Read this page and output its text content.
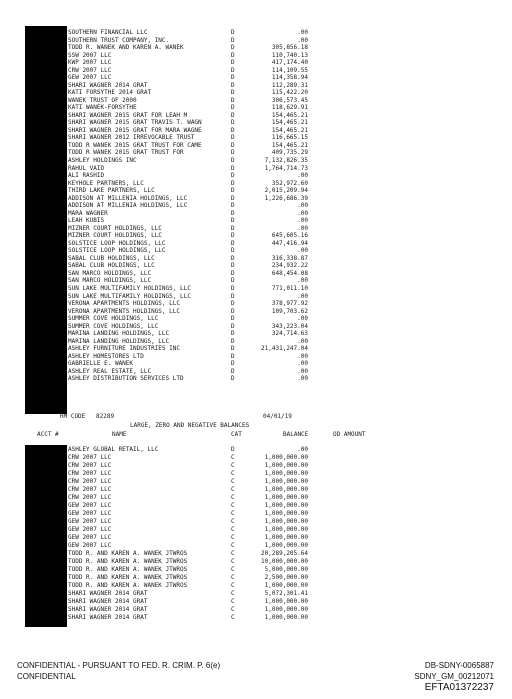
SOUTHERN FINANCIAL LLC	D	.00
SOUTHERN TRUST COMPANY, INC.	D	.00
TODD R. WANEK AND KAREN A. WANEK	D	305,856.18
SSW 2007 LLC	D	110,740.13
KWP 2007 LLC	D	417,174.40
CRW 2007 LLC	D	114,109.55
GEW 2007 LLC	D	114,358.94
SHARI WAGNER 2014 GRAT	D	112,289.31
KATI FORSYTHE 2014 GRAT	D	115,422.20
WANEK TRUST OF 2000	D	306,573.45
KATI WANEK-FORSYTHE	D	118,629.91
SHARI WAGNER 2015 GRAT FOR LEAH M	D	154,465.21
SHARI WAGNER 2015 GRAT TRAVIS T. WAGN	D	154,465.21
SHARI WAGNER 2015 GRAT FOR MARA WAGNE	D	154,465.21
SHARI WAGNER 2012 IRREVOCABLE TRUST	D	116,665.15
TODD R WANEK 2015 GRAT TRUST FOR CAME	D	154,465.21
TODD R WANEK 2015 GRAT TRUST FOR	D	409,735.29
ASHLEY HOLDINGS INC	D	7,132,826.35
RAHUL VAID	D	1,764,714.73
ALI RASHID	D	.00
KEYHOLE PARTNERS, LLC	D	352,972.60
THIRD LAKE PARTNERS, LLC	D	2,015,209.94
ADDISON AT MILLENIA HOLDINGS, LLC	D	1,226,686.39
ADDISON AT MILLENIA HOLDINGS, LLC	D	.00
MARA WAGNER	D	.00
LEAH KUBIS	D	.00
MIZNER COURT HOLDINGS, LLC	D	.00
MIZNER COURT HOLDINGS, LLC	D	645,605.16
SOLSTICE LOOP HOLDINGS, LLC	D	447,416.94
SOLSTICE LOOP HOLDINGS, LLC	D	.00
SABAL CLUB HOLDINGS, LLC	D	316,338.87
SABAL CLUB HOLDINGS, LLC	D	234,932.22
SAN MARCO HOLDINGS, LLC	D	648,454.08
SAN MARCO HOLDINGS, LLC	D	.00
SUN LAKE MULTIFAMILY HOLDINGS, LLC	D	771,011.10
SUN LAKE MULTIFAMILY HOLDINGS, LLC	D	.00
VERONA APARTMENTS HOLDINGS, LLC	D	378,977.92
VERONA APARTMENTS HOLDINGS, LLC	D	109,703.62
SUMMER COVE HOLDINGS, LLC	D	.00
SUMMER COVE HOLDINGS, LLC	D	343,223.04
MARINA LANDING HOLDINGS, LLC	D	324,714.63
MARINA LANDING HOLDINGS, LLC	D	.00
ASHLEY FURNITURE INDUSTRIES INC	D	21,431,247.04
ASHLEY HOMESTORES LTD	D	.00
GABRIELLE E. WANEK	D	.00
ASHLEY REAL ESTATE, LLC	D	.00
ASHLEY DISTRIBUTION SERVICES LTD	D	.00
RM CODE 82289	04/01/19
LARGE, ZERO AND NEGATIVE BALANCES
ACCT #	NAME	CAT	BALANCE	OD AMOUNT
ASHLEY GLOBAL RETAIL, LLC	D	.00
CRW 2007 LLC	C	1,000,000.00
CRW 2007 LLC	C	1,000,000.00
CRW 2007 LLC	C	1,000,000.00
CRW 2007 LLC	C	1,000,000.00
CRW 2007 LLC	C	1,000,000.00
CRW 2007 LLC	C	1,000,000.00
GEW 2007 LLC	C	1,000,000.00
GEW 2007 LLC	C	1,000,000.00
GEW 2007 LLC	C	1,000,000.00
GEW 2007 LLC	C	1,000,000.00
GEW 2007 LLC	C	1,000,000.00
GEW 2007 LLC	C	1,000,000.00
TODD R. AND KAREN A. WANEK JTWROS	C	20,289,205.64
TODD R. AND KAREN A. WANEK JTWROS	C	10,000,000.00
TODD R. AND KAREN A. WANEK JTWROS	C	5,000,000.00
TODD R. AND KAREN A. WANEK JTWROS	C	2,500,000.00
TODD R. AND KAREN A. WANEK JTWROS	C	1,000,000.00
SHARI WAGNER 2014 GRAT	C	5,072,301.41
SHARI WAGNER 2014 GRAT	C	1,000,000.00
SHARI WAGNER 2014 GRAT	C	1,000,000.00
SHARI WAGNER 2014 GRAT	C	1,000,000.00
CONFIDENTIAL - PURSUANT TO FED. R. CRIM. P. 6(e)
CONFIDENTIAL
DB-SDNY-0065887
SDNY_GM_00212071
EFTA01372237
